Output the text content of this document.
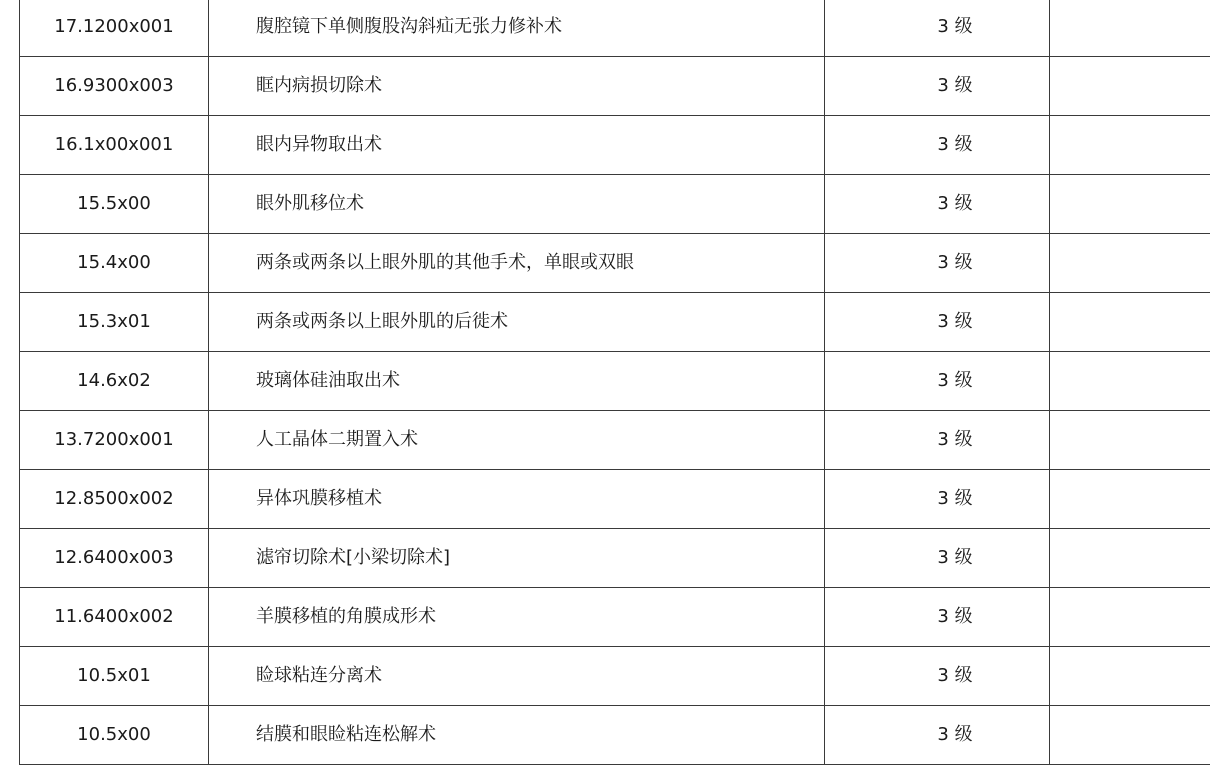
17.1200x001	腹腔镜下单侧腹股沟斜疝无张力修补术	3 级	
16.9300x003	眶内病损切除术	3 级	
16.1x00x001	眼内异物取出术	3 级	
15.5x00	眼外肌移位术	3 级	
15.4x00	两条或两条以上眼外肌的其他手术，单眼或双眼	3 级	
15.3x01	两条或两条以上眼外肌的后徙术	3 级	
14.6x02	玻璃体硅油取出术	3 级	
13.7200x001	人工晶体二期置入术	3 级	
12.8500x002	异体巩膜移植术	3 级	
12.6400x003	滤帘切除术[小梁切除术]	3 级	
11.6400x002	羊膜移植的角膜成形术	3 级	
10.5x01	睑球粘连分离术	3 级	
10.5x00	结膜和眼睑粘连松解术	3 级	
